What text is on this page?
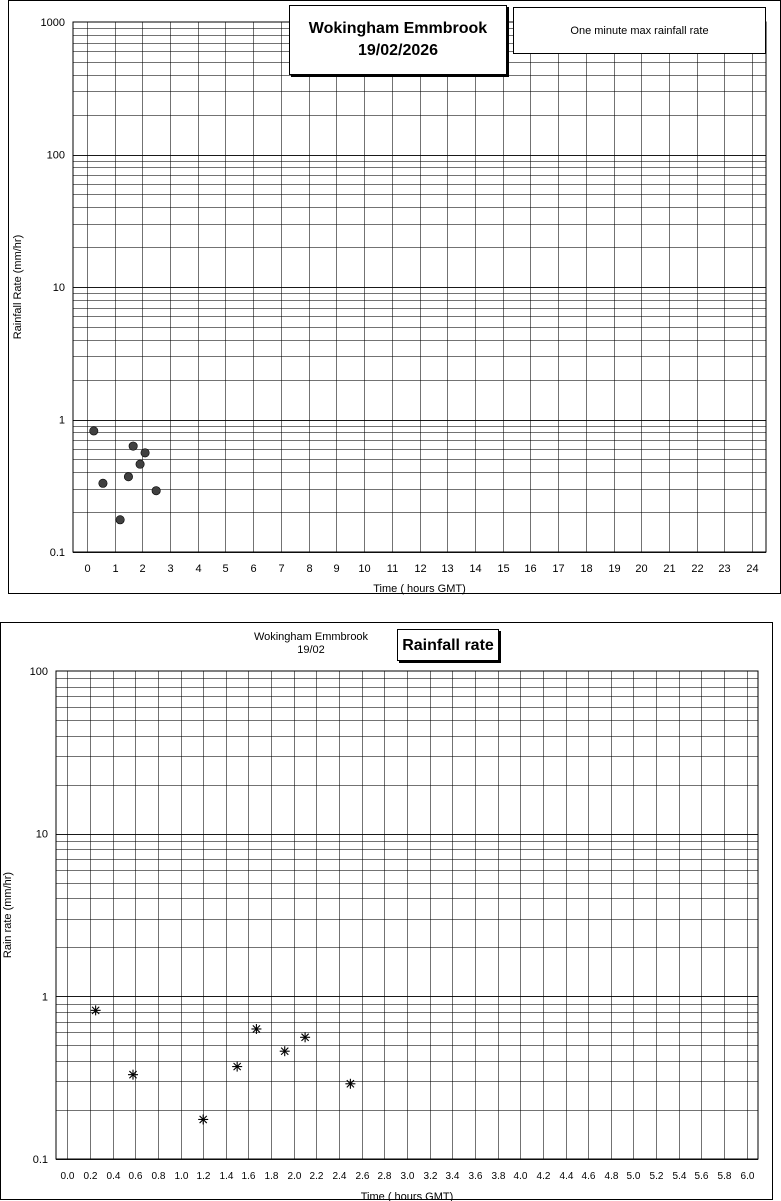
0 1 2 3 4 5 6 7 8 9 10 11 12 13 14 15 16 17 18 19 20 21 22 23 24
0.1
1
10
100
1000
Time ( hours GMT)
Rainfall Rate (mm/hr)
Wokingham Emmbrook
19/02/2026
One minute max rainfall rate
0.0 0.2 0.4 0.6 0.8 1.0 1.2 1.4 1.6 1.8 2.0 2.2 2.4 2.6 2.8 3.0 3.2 3.4 3.6 3.8 4.0 4.2 4.4 4.6 4.8 5.0 5.2 5.4 5.6 5.8 6.0
0.1
1
10
100
Time ( hours GMT)
Rain rate (mm/hr)
Wokingham Emmbrook
19/02	Rainfall rate
